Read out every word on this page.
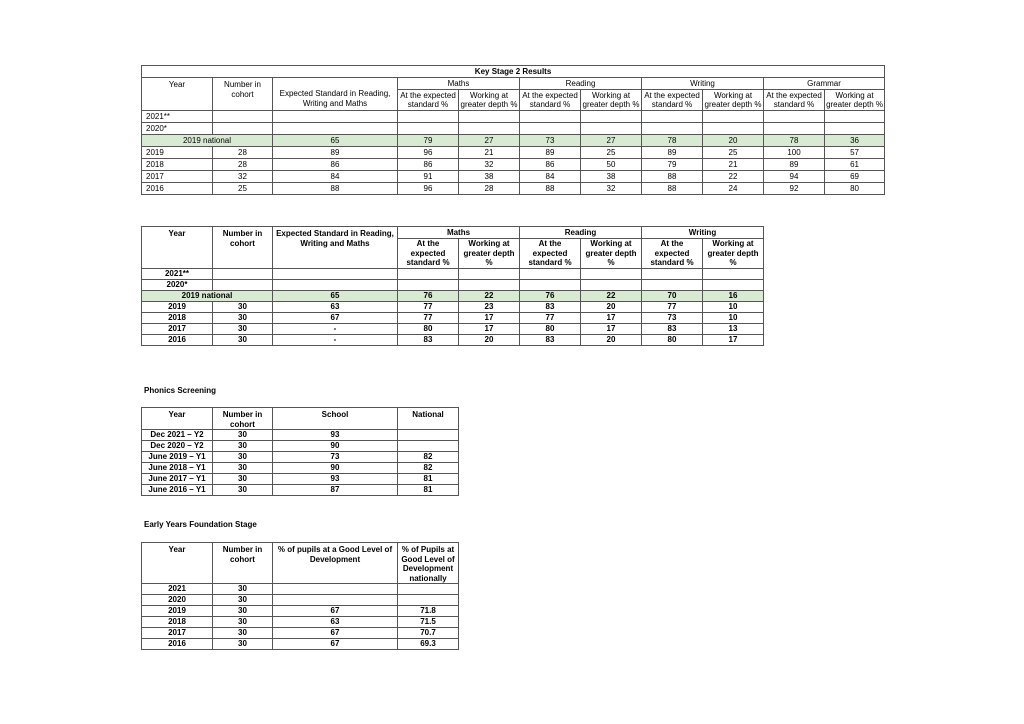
Key Stage 2 Results										
Year	Number in cohort	Expected Standard in Reading, Writing and Maths	Maths		Reading		Writing		Grammar	
			At the expected standard %	Working at greater depth %	At the expected standard %	Working at greater depth %	At the expected standard %	Working at greater depth %	At the expected standard %	Working at greater depth %
2021**										
2020*										
2019 national		65	79	27	73	27	78	20	78	36
2019	28	89	96	21	89	25	89	25	100	57
2018	28	86	86	32	86	50	79	21	89	61
2017	32	84	91	38	84	38	88	22	94	69
2016	25	88	96	28	88	32	88	24	92	80
Year	Number in cohort	Expected Standard in Reading, Writing and Maths	Maths		Reading		Writing	
			At the expected standard %	Working at greater depth %	At the expected standard %	Working at greater depth %	At the expected standard %	Working at greater depth %
2021**								
2020*								
2019 national		65	76	22	76	22	70	16
2019	30	63	77	23	83	20	77	10
2018	30	67	77	17	77	17	73	10
2017	30	-	80	17	80	17	83	13
2016	30	-	83	20	83	20	80	17
Phonics Screening
Year	Number in cohort	School	National
Dec 2021 – Y2	30	93	
Dec 2020 – Y2	30	90	
June 2019 – Y1	30	73	82
June 2018 – Y1	30	90	82
June 2017 – Y1	30	93	81
June 2016 – Y1	30	87	81
Early Years Foundation Stage
Year	Number in cohort	% of pupils at a Good Level of Development	% of Pupils at Good Level of Development nationally
2021	30		
2020	30		
2019	30	67	71.8
2018	30	63	71.5
2017	30	67	70.7
2016	30	67	69.3
